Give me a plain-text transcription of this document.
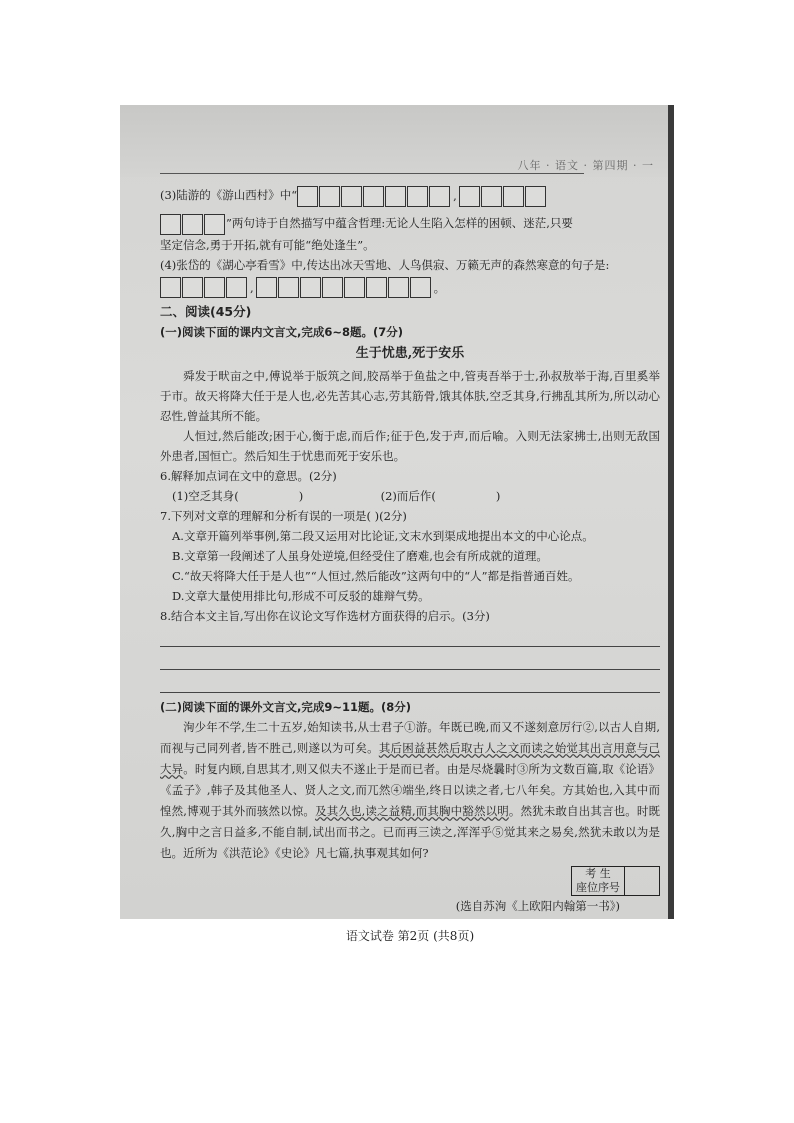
八年 · 语文 · 第四期 · 一
(3)陆游的《游山西村》中“	,
”两句诗于自然描写中蕴含哲理:无论人生陷入怎样的困顿、迷茫,只要
坚定信念,勇于开拓,就有可能“绝处逢生”。
(4)张岱的《湖心亭看雪》中,传达出冰天雪地、人鸟俱寂、万籁无声的森然寒意的句子是:
,	。
二、阅读(45分)
(一)阅读下面的课内文言文,完成6~8题。(7分)
生于忧患,死于安乐
舜发于畎亩之中,傅说举于版筑之间,胶鬲举于鱼盐之中,管夷吾举于士,孙叔敖举于海,百里奚举于市。故天将降大任于是人也,必先苦其心志,劳其筋骨,饿其体肤,空乏其身,行拂乱其所为,所以动心忍性,曾益其所不能。
人恒过,然后能改;困于心,衡于虑,而后作;征于色,发于声,而后喻。入则无法家拂士,出则无敌国外患者,国恒亡。然后知生于忧患而死于安乐也。
6.解释加点词在文中的意思。(2分)
(1)空乏其身(	)	(2)而后作(	)
7.下列对文章的理解和分析有误的一项是( )(2分)
A.文章开篇列举事例,第二段又运用对比论证,文末水到渠成地提出本文的中心论点。
B.文章第一段阐述了人虽身处逆境,但经受住了磨难,也会有所成就的道理。
C.“故天将降大任于是人也”“人恒过,然后能改”这两句中的“人”都是指普通百姓。
D.文章大量使用排比句,形成不可反驳的雄辩气势。
8.结合本文主旨,写出你在议论文写作选材方面获得的启示。(3分)
(二)阅读下面的课外文言文,完成9~11题。(8分)
洵少年不学,生二十五岁,始知读书,从士君子①游。年既已晚,而又不遂刻意厉行②,以古人自期,而视与己同列者,皆不胜己,则遂以为可矣。其后困益甚然后取古人之文而读之始觉其出言用意与己大异。时复内顾,自思其才,则又似夫不遂止于是而已者。由是尽烧曩时③所为文数百篇,取《论语》《孟子》,韩子及其他圣人、贤人之文,而兀然④端坐,终日以读之者,七八年矣。方其始也,入其中而惶然,博观于其外而骇然以惊。及其久也,读之益精,而其胸中豁然以明。然犹未敢自出其言也。时既久,胸中之言日益多,不能自制,试出而书之。已而再三读之,浑浑乎⑤觉其来之易矣,然犹未敢以为是也。近所为《洪范论》《史论》凡七篇,执事观其如何?
考 生
座位序号
(选自苏洵《上欧阳内翰第一书》)
语文试卷 第2页 (共8页)
